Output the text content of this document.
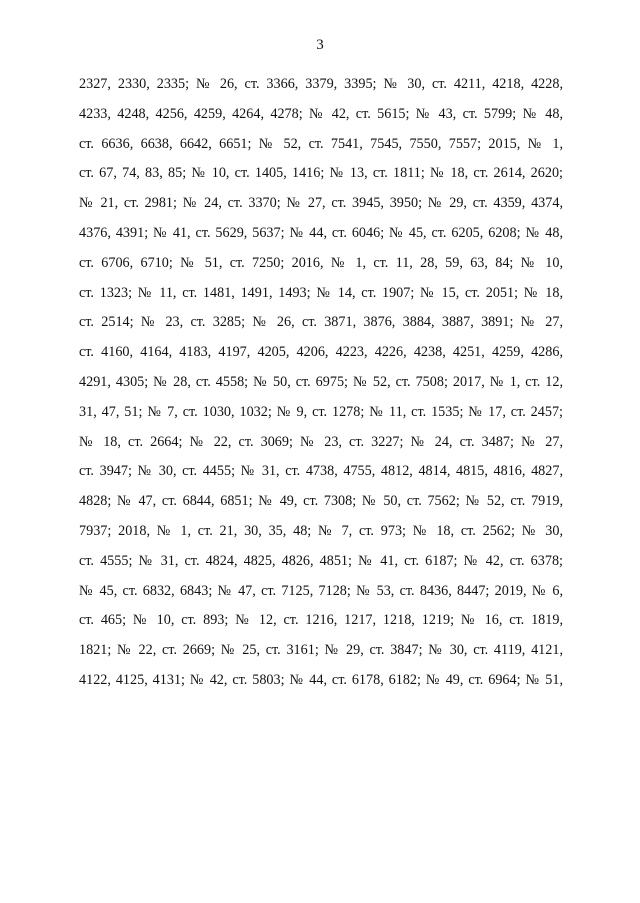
3
2327, 2330, 2335; № 26, ст. 3366, 3379, 3395; № 30, ст. 4211, 4218, 4228,
4233, 4248, 4256, 4259, 4264, 4278; № 42, ст. 5615; № 43, ст. 5799; № 48,
ст. 6636, 6638, 6642, 6651; № 52, ст. 7541, 7545, 7550, 7557; 2015, № 1,
ст. 67, 74, 83, 85; № 10, ст. 1405, 1416; № 13, ст. 1811; № 18, ст. 2614, 2620;
№ 21, ст. 2981; № 24, ст. 3370; № 27, ст. 3945, 3950; № 29, ст. 4359, 4374,
4376, 4391; № 41, ст. 5629, 5637; № 44, ст. 6046; № 45, ст. 6205, 6208; № 48,
ст. 6706, 6710; № 51, ст. 7250; 2016, № 1, ст. 11, 28, 59, 63, 84; № 10,
ст. 1323; № 11, ст. 1481, 1491, 1493; № 14, ст. 1907; № 15, ст. 2051; № 18,
ст. 2514; № 23, ст. 3285; № 26, ст. 3871, 3876, 3884, 3887, 3891; № 27,
ст. 4160, 4164, 4183, 4197, 4205, 4206, 4223, 4226, 4238, 4251, 4259, 4286,
4291, 4305; № 28, ст. 4558; № 50, ст. 6975; № 52, ст. 7508; 2017, № 1, ст. 12,
31, 47, 51; № 7, ст. 1030, 1032; № 9, ст. 1278; № 11, ст. 1535; № 17, ст. 2457;
№ 18, ст. 2664; № 22, ст. 3069; № 23, ст. 3227; № 24, ст. 3487; № 27,
ст. 3947; № 30, ст. 4455; № 31, ст. 4738, 4755, 4812, 4814, 4815, 4816, 4827,
4828; № 47, ст. 6844, 6851; № 49, ст. 7308; № 50, ст. 7562; № 52, ст. 7919,
7937; 2018, № 1, ст. 21, 30, 35, 48; № 7, ст. 973; № 18, ст. 2562; № 30,
ст. 4555; № 31, ст. 4824, 4825, 4826, 4851; № 41, ст. 6187; № 42, ст. 6378;
№ 45, ст. 6832, 6843; № 47, ст. 7125, 7128; № 53, ст. 8436, 8447; 2019, № 6,
ст. 465; № 10, ст. 893; № 12, ст. 1216, 1217, 1218, 1219; № 16, ст. 1819,
1821; № 22, ст. 2669; № 25, ст. 3161; № 29, ст. 3847; № 30, ст. 4119, 4121,
4122, 4125, 4131; № 42, ст. 5803; № 44, ст. 6178, 6182; № 49, ст. 6964; № 51,
